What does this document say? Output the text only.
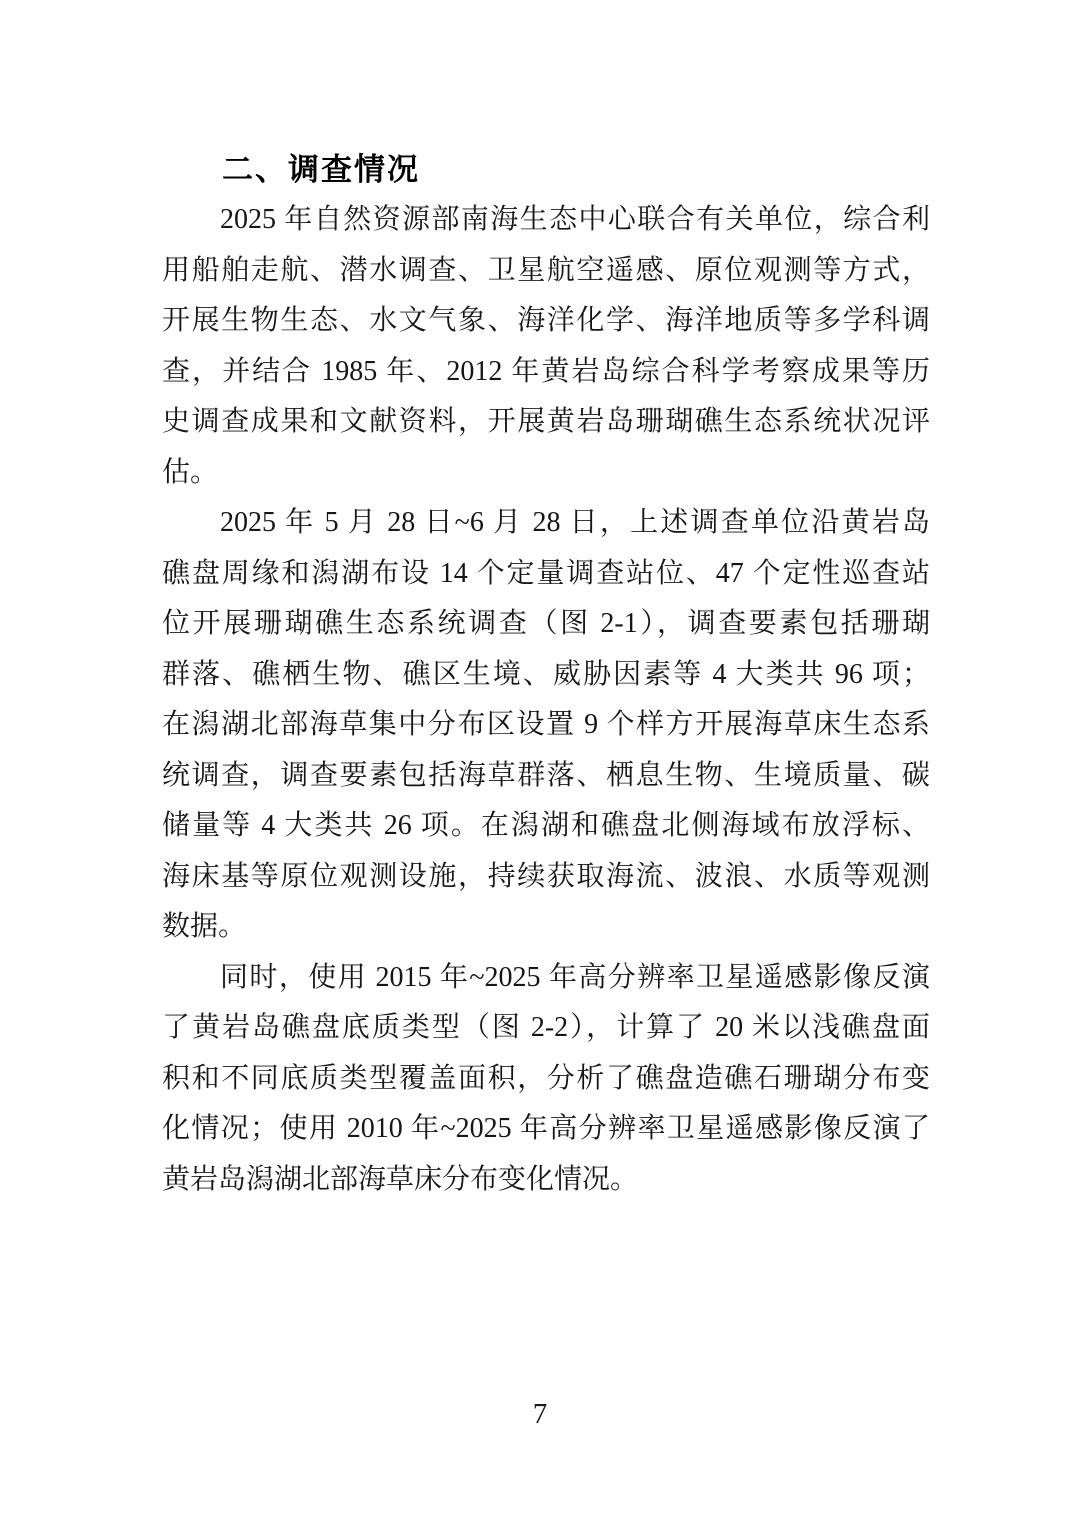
二、调查情况
2025 年自然资源部南海生态中心联合有关单位，综合利
用船舶走航、潜水调查、卫星航空遥感、原位观测等方式，
开展生物生态、水文气象、海洋化学、海洋地质等多学科调
查，并结合 1985 年、2012 年黄岩岛综合科学考察成果等历
史调查成果和文献资料，开展黄岩岛珊瑚礁生态系统状况评
估。
2025 年 5 月 28 日~6 月 28 日，上述调查单位沿黄岩岛
礁盘周缘和潟湖布设 14 个定量调查站位、47 个定性巡查站
位开展珊瑚礁生态系统调查（图 2-1），调查要素包括珊瑚
群落、礁栖生物、礁区生境、威胁因素等 4 大类共 96 项；
在潟湖北部海草集中分布区设置 9 个样方开展海草床生态系
统调查，调查要素包括海草群落、栖息生物、生境质量、碳
储量等 4 大类共 26 项。在潟湖和礁盘北侧海域布放浮标、
海床基等原位观测设施，持续获取海流、波浪、水质等观测
数据。
同时，使用 2015 年~2025 年高分辨率卫星遥感影像反演
了黄岩岛礁盘底质类型（图 2-2），计算了 20 米以浅礁盘面
积和不同底质类型覆盖面积，分析了礁盘造礁石珊瑚分布变
化情况；使用 2010 年~2025 年高分辨率卫星遥感影像反演了
黄岩岛潟湖北部海草床分布变化情况。
7
